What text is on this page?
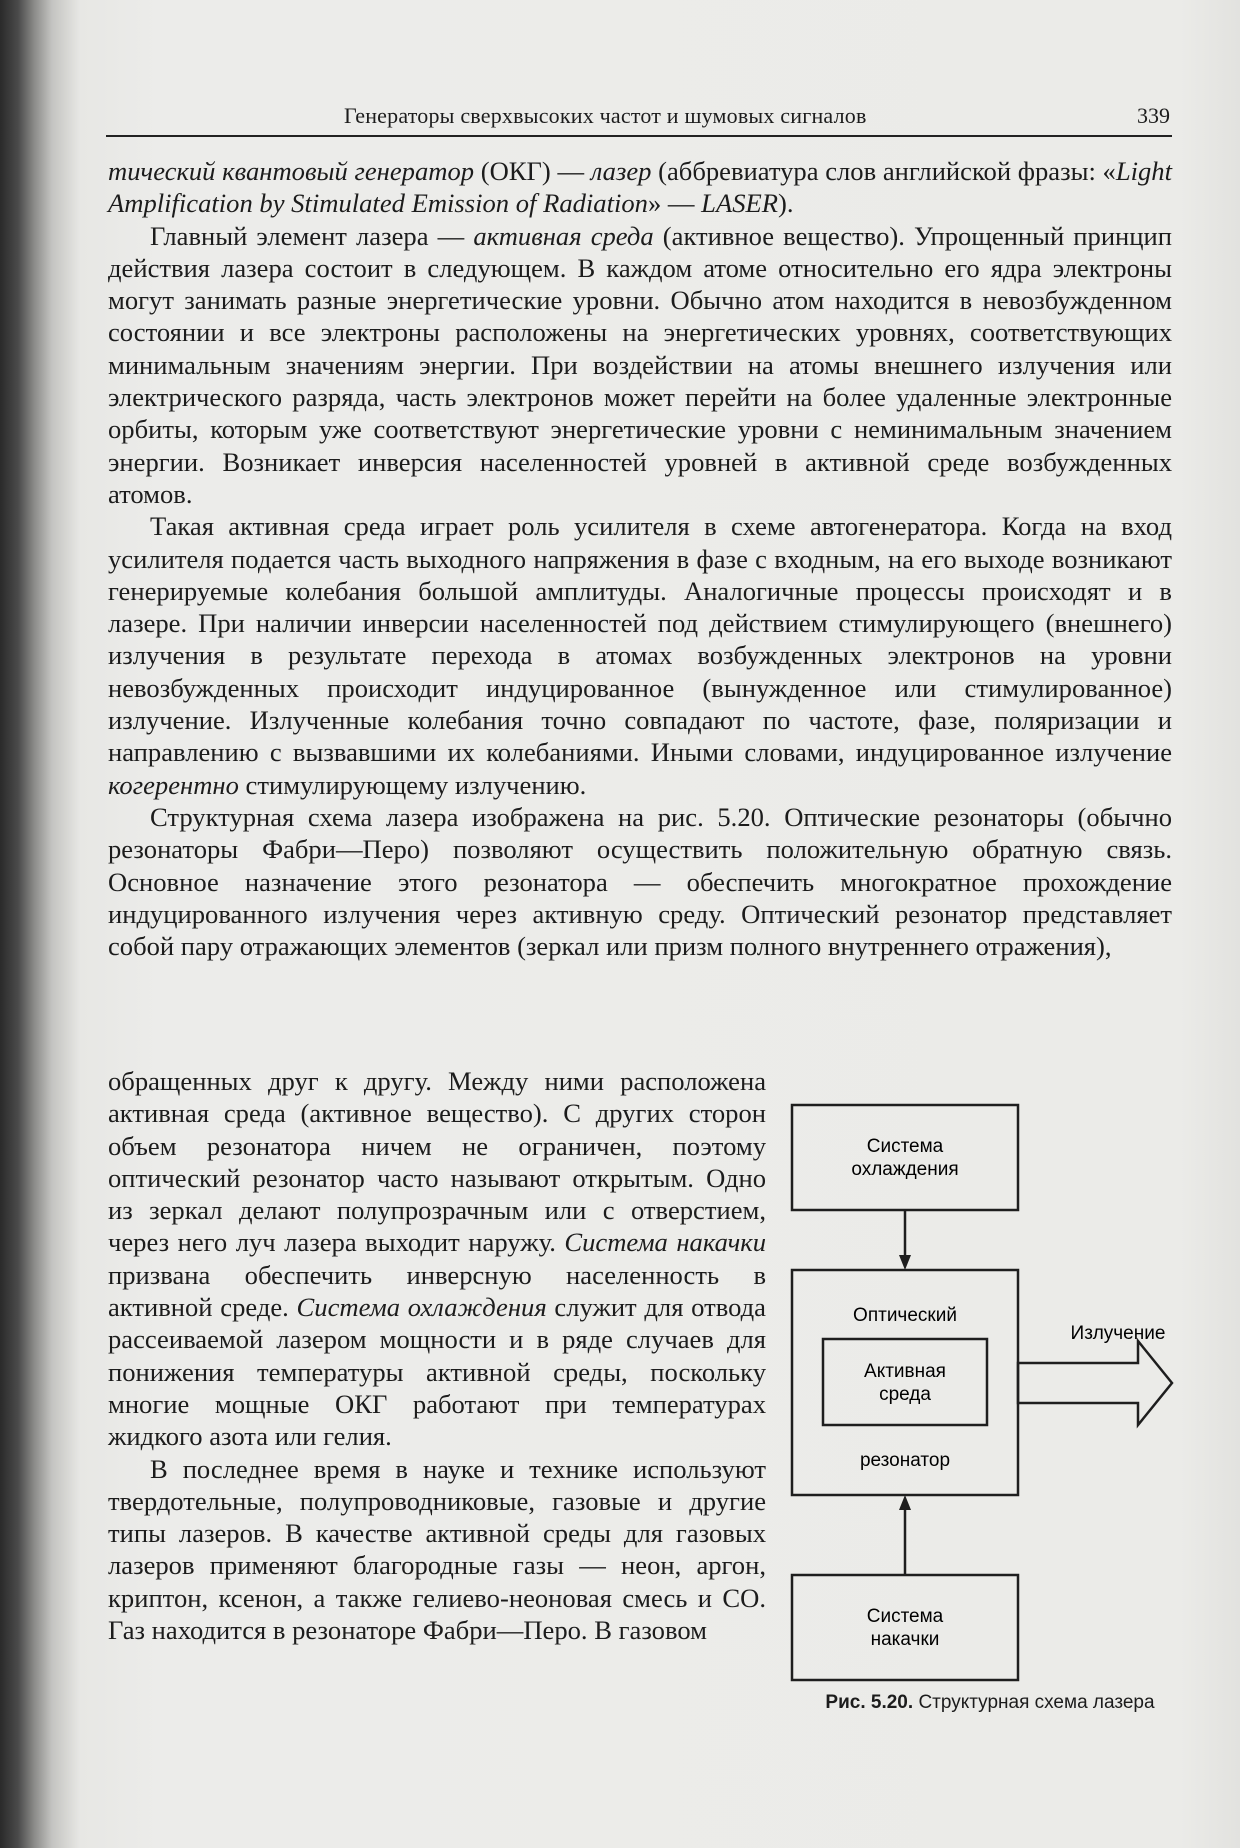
Генераторы сверхвысоких частот и шумовых сигналов	339

тический квантовый генератор (ОКГ) — лазер (аббревиатура слов английской фразы: «Light Amplification by Stimulated Emission of Radiation» — LASER).

Главный элемент лазера — активная среда (активное вещество). Упрощенный принцип действия лазера состоит в следующем. В каждом атоме относительно его ядра электроны могут занимать разные энергетические уровни. Обычно атом находится в невозбужденном состоянии и все электроны расположены на энергетических уровнях, соответствующих минимальным значениям энергии. При воздействии на атомы внешнего излучения или электрического разряда, часть электронов может перейти на более удаленные электронные орбиты, которым уже соответствуют энергетические уровни с неминимальным значением энергии. Возникает инверсия населенностей уровней в активной среде возбужденных атомов.

Такая активная среда играет роль усилителя в схеме автогенератора. Когда на вход усилителя подается часть выходного напряжения в фазе с входным, на его выходе возникают генерируемые колебания большой амплитуды. Аналогичные процессы происходят и в лазере. При наличии инверсии населенностей под действием стимулирующего (внешнего) излучения в результате перехода в атомах возбужденных электронов на уровни невозбужденных происходит индуцированное (вынужденное или стимулированное) излучение. Излученные колебания точно совпадают по частоте, фазе, поляризации и направлению с вызвавшими их колебаниями. Иными словами, индуцированное излучение когерентно стимулирующему излучению.

Структурная схема лазера изображена на рис. 5.20. Оптические резонаторы (обычно резонаторы Фабри—Перо) позволяют осуществить положительную обратную связь. Основное назначение этого резонатора — обеспечить многократное прохождение индуцированного излучения через активную среду. Оптический резонатор представляет собой пару отражающих элементов (зеркал или призм полного внутреннего отражения),

обращенных друг к другу. Между ними расположена активная среда (активное вещество). С других сторон объем резонатора ничем не ограничен, поэтому оптический резонатор часто называют открытым. Одно из зеркал делают полупрозрачным или с отверстием, через него луч лазера выходит наружу. Система накачки призвана обеспечить инверсную населенность в активной среде. Система охлаждения служит для отвода рассеиваемой лазером мощности и в ряде случаев для понижения температуры активной среды, поскольку многие мощные ОКГ работают при температурах жидкого азота или гелия.

В последнее время в науке и технике используют твердотельные, полупроводниковые, газовые и другие типы лазеров. В качестве активной среды для газовых лазеров применяют благородные газы — неон, аргон, криптон, ксенон, а также гелиево-неоновая смесь и СО. Газ находится в резонаторе Фабри—Перо. В газовом

Система
охлаждения
Оптический
Активная
среда
резонатор
Излучение
Система
накачки
Рис. 5.20. Структурная схема лазера
